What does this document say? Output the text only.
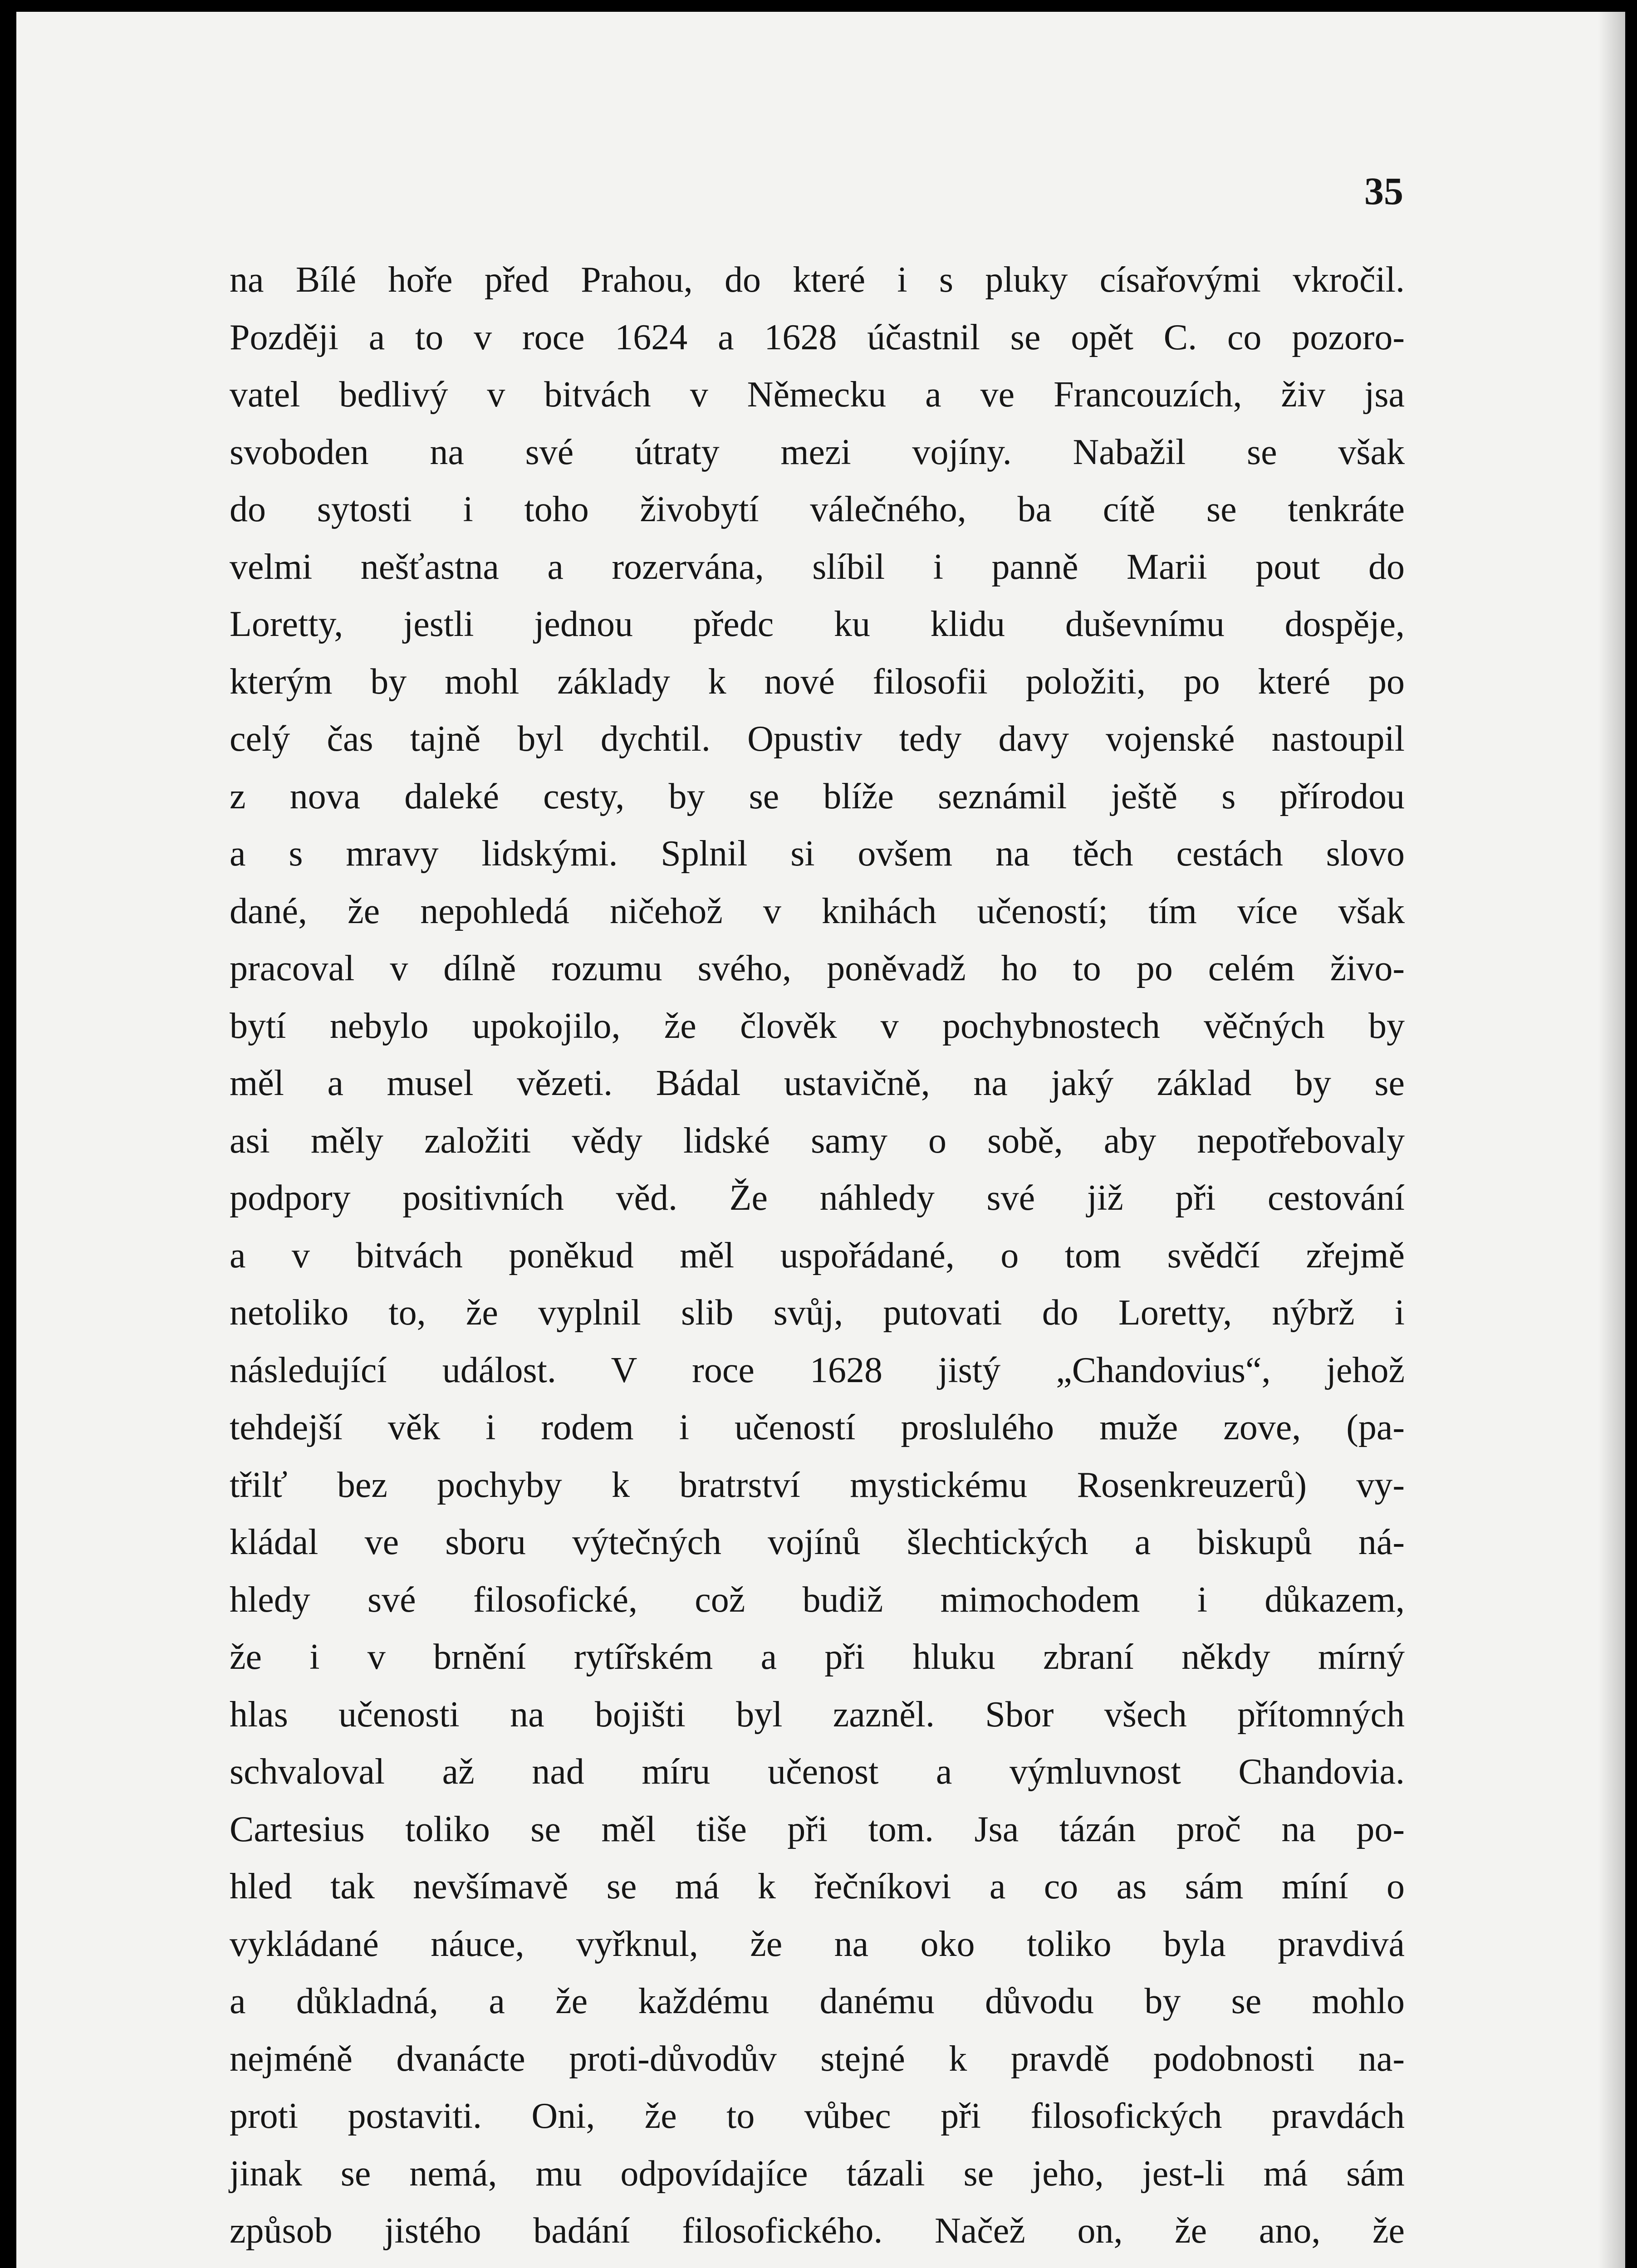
35

na Bílé hoře před Prahou, do které i s pluky císařovými vkročil.
Později a to v roce 1624 a 1628 účastnil se opět C. co pozoro-
vatel bedlivý v bitvách v Německu a ve Francouzích, živ jsa
svoboden na své útraty mezi vojíny. Nabažil se však
do sytosti i toho živobytí válečného, ba cítě se tenkráte
velmi nešťastna a rozervána, slíbil i panně Marii pout do
Loretty, jestli jednou předc ku klidu duševnímu dospěje,
kterým by mohl základy k nové filosofii položiti, po které po
celý čas tajně byl dychtil. Opustiv tedy davy vojenské nastoupil
z nova daleké cesty, by se blíže seznámil ještě s přírodou
a s mravy lidskými. Splnil si ovšem na těch cestách slovo
dané, že nepohledá ničehož v knihách učeností; tím více však
pracoval v dílně rozumu svého, poněvadž ho to po celém živo-
bytí nebylo upokojilo, že člověk v pochybnostech věčných by
měl a musel vězeti. Bádal ustavičně, na jaký základ by se
asi měly založiti vědy lidské samy o sobě, aby nepotřebovaly
podpory positivních věd. Že náhledy své již při cestování
a v bitvách poněkud měl uspořádané, o tom svědčí zřejmě
netoliko to, že vyplnil slib svůj, putovati do Loretty, nýbrž i
následující událost. V roce 1628 jistý „Chandovius“, jehož
tehdejší věk i rodem i učeností proslulého muže zove, (pa-
třilť bez pochyby k bratrství mystickému Rosenkreuzerů) vy-
kládal ve sboru výtečných vojínů šlechtických a biskupů ná-
hledy své filosofické, což budiž mimochodem i důkazem,
že i v brnění rytířském a při hluku zbraní někdy mírný
hlas učenosti na bojišti byl zazněl. Sbor všech přítomných
schvaloval až nad míru učenost a výmluvnost Chandovia.
Cartesius toliko se měl tiše při tom. Jsa tázán proč na po-
hled tak nevšímavě se má k řečníkovi a co as sám míní o
vykládané náuce, vyřknul, že na oko toliko byla pravdivá
a důkladná, a že každému danému důvodu by se mohlo
nejméně dvanácte proti-důvodův stejné k pravdě podobnosti na-
proti postaviti. Oni, že to vůbec při filosofických pravdách
jinak se nemá, mu odpovídajíce tázali se jeho, jest-li má sám
způsob jistého badání filosofického. Načež on, že ano, že
